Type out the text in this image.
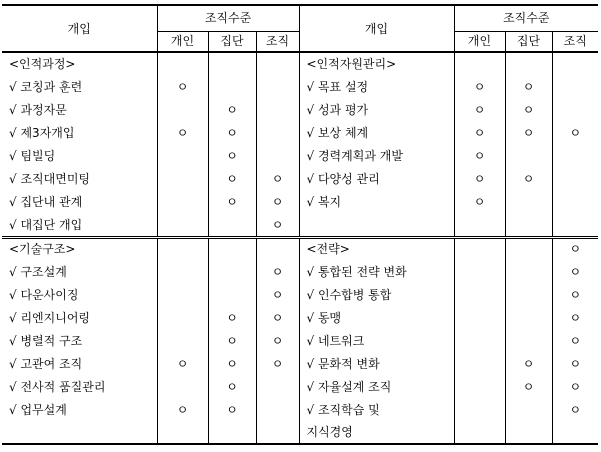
개입	조직수준			개입	조직수준		
	개인	집단	조직		개인	집단	조직
<인적과정>				<인적자원관리>			
√ 코칭과 훈련	ㅇ			√ 목표 설정	ㅇ	ㅇ	
√ 과정자문		ㅇ		√ 성과 평가	ㅇ	ㅇ	
√ 제3자개입	ㅇ	ㅇ		√ 보상 체계	ㅇ	ㅇ	ㅇ
√ 팀빌딩		ㅇ		√ 경력계획과 개발	ㅇ		
√ 조직대면미팅		ㅇ	ㅇ	√ 다양성 관리	ㅇ	ㅇ	
√ 집단내 관계		ㅇ	ㅇ	√ 복지	ㅇ		
√ 대집단 개입			ㅇ				
<기술구조>				<전략>			ㅇ
√ 구조설계			ㅇ	√ 통합된 전략 변화			ㅇ
√ 다운사이징			ㅇ	√ 인수합병 통합			ㅇ
√ 리엔지니어링		ㅇ	ㅇ	√ 동맹			ㅇ
√ 병렬적 구조		ㅇ	ㅇ	√ 네트워크			ㅇ
√ 고관여 조직	ㅇ	ㅇ	ㅇ	√ 문화적 변화		ㅇ	ㅇ
√ 전사적 품질관리		ㅇ		√ 자율설계 조직		ㅇ	ㅇ
√ 업무설계	ㅇ	ㅇ		√ 조직학습 및			ㅇ
				지식경영			
